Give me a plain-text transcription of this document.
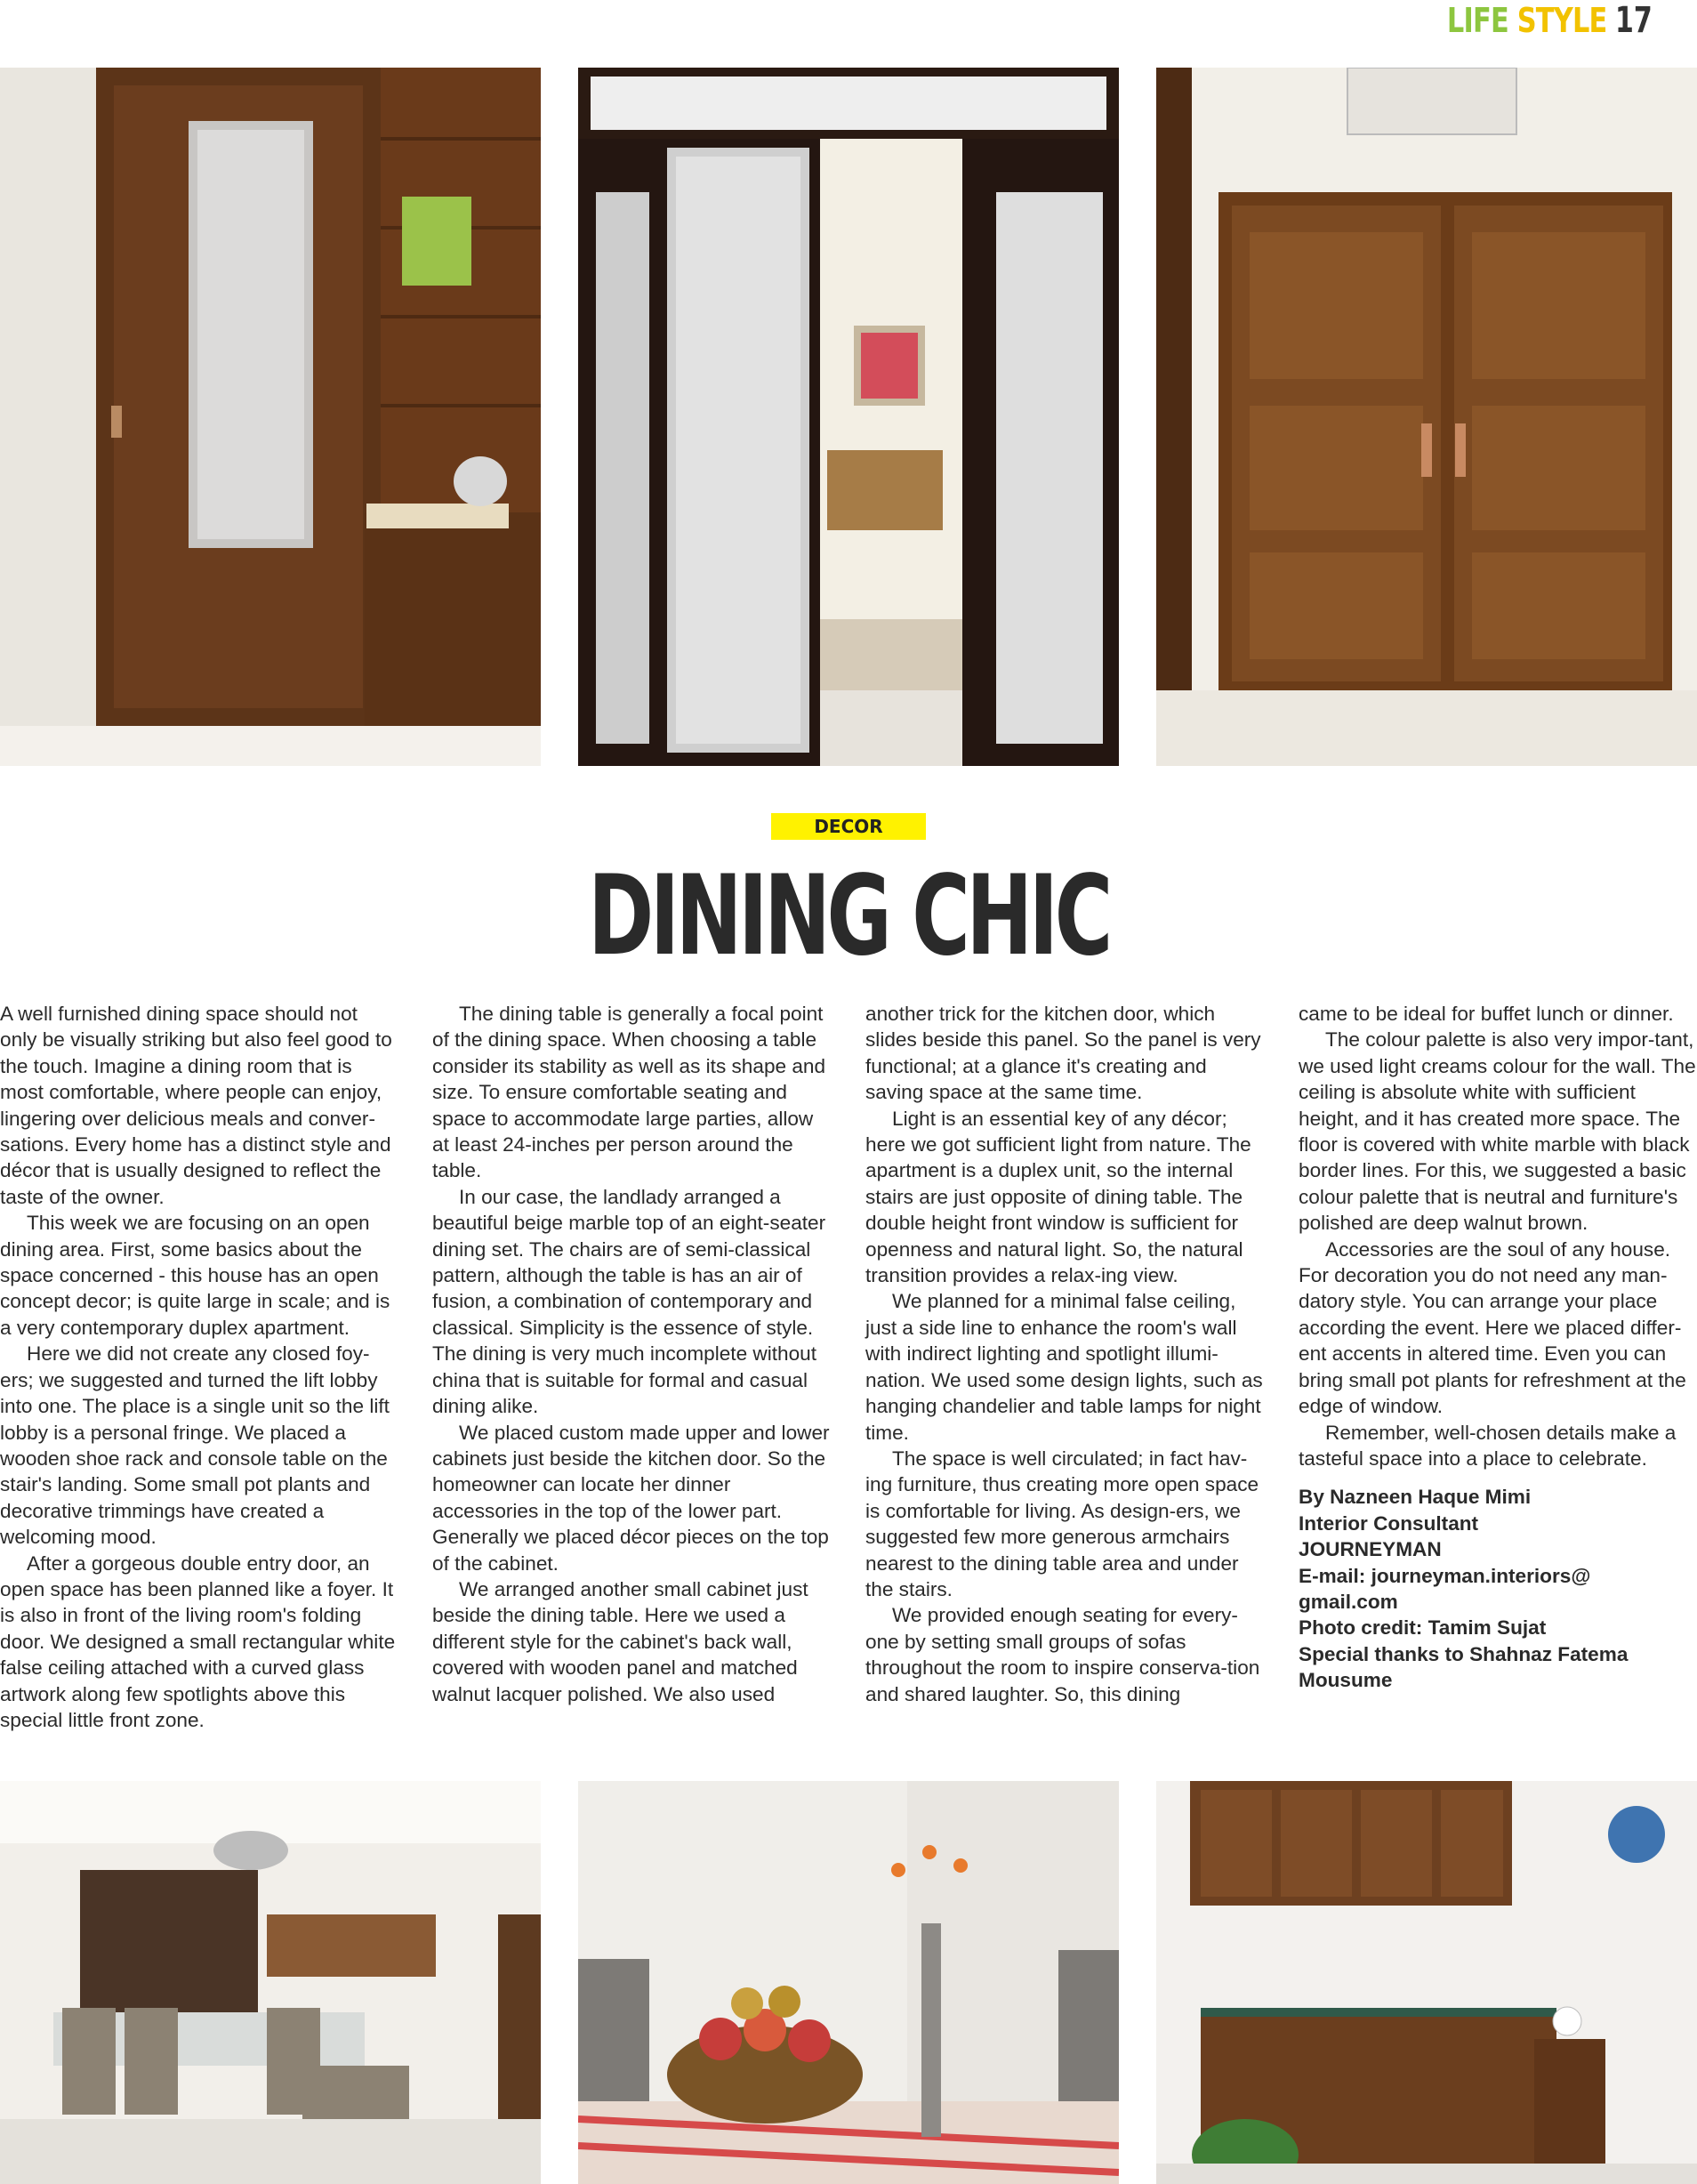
LIFE STYLE 17
DECOR
DINING CHIC

A well furnished dining space should not only be visually striking but also feel good to the touch. Imagine a dining room that is most comfortable, where people can enjoy, lingering over delicious meals and conver-sations. Every home has a distinct style and décor that is usually designed to reflect the taste of the owner.

This week we are focusing on an open dining area. First, some basics about the space concerned - this house has an open concept decor; is quite large in scale; and is a very contemporary duplex apartment.

Here we did not create any closed foy-ers; we suggested and turned the lift lobby into one. The place is a single unit so the lift lobby is a personal fringe. We placed a wooden shoe rack and console table on the stair's landing. Some small pot plants and decorative trimmings have created a welcoming mood.

After a gorgeous double entry door, an open space has been planned like a foyer. It is also in front of the living room's folding door. We designed a small rectangular white false ceiling attached with a curved glass artwork along few spotlights above this special little front zone.

The dining table is generally a focal point of the dining space. When choosing a table consider its stability as well as its shape and size. To ensure comfortable seating and space to accommodate large parties, allow at least 24-inches per person around the table.

In our case, the landlady arranged a beautiful beige marble top of an eight-seater dining set. The chairs are of semi-classical pattern, although the table is has an air of fusion, a combination of contemporary and classical. Simplicity is the essence of style. The dining is very much incomplete without china that is suitable for formal and casual dining alike.

We placed custom made upper and lower cabinets just beside the kitchen door. So the homeowner can locate her dinner accessories in the top of the lower part. Generally we placed décor pieces on the top of the cabinet.

We arranged another small cabinet just beside the dining table. Here we used a different style for the cabinet's back wall, covered with wooden panel and matched walnut lacquer polished. We also used

another trick for the kitchen door, which slides beside this panel. So the panel is very functional; at a glance it's creating and saving space at the same time.

Light is an essential key of any décor; here we got sufficient light from nature. The apartment is a duplex unit, so the internal stairs are just opposite of dining table. The double height front window is sufficient for openness and natural light. So, the natural transition provides a relax-ing view.

We planned for a minimal false ceiling, just a side line to enhance the room's wall with indirect lighting and spotlight illumi-nation. We used some design lights, such as hanging chandelier and table lamps for night time.

The space is well circulated; in fact hav-ing furniture, thus creating more open space is comfortable for living. As design-ers, we suggested few more generous armchairs nearest to the dining table area and under the stairs.

We provided enough seating for every-one by setting small groups of sofas throughout the room to inspire conserva-tion and shared laughter. So, this dining

came to be ideal for buffet lunch or dinner.

The colour palette is also very impor-tant, we used light creams colour for the wall. The ceiling is absolute white with sufficient height, and it has created more space. The floor is covered with white marble with black border lines. For this, we suggested a basic colour palette that is neutral and furniture's polished are deep walnut brown.

Accessories are the soul of any house. For decoration you do not need any man-datory style. You can arrange your place according the event. Here we placed differ-ent accents in altered time. Even you can bring small pot plants for refreshment at the edge of window.

Remember, well-chosen details make a tasteful space into a place to celebrate.

By Nazneen Haque Mimi
Interior Consultant
JOURNEYMAN
E-mail: journeyman.interiors@
gmail.com
Photo credit: Tamim Sujat
Special thanks to Shahnaz Fatema
Mousume
